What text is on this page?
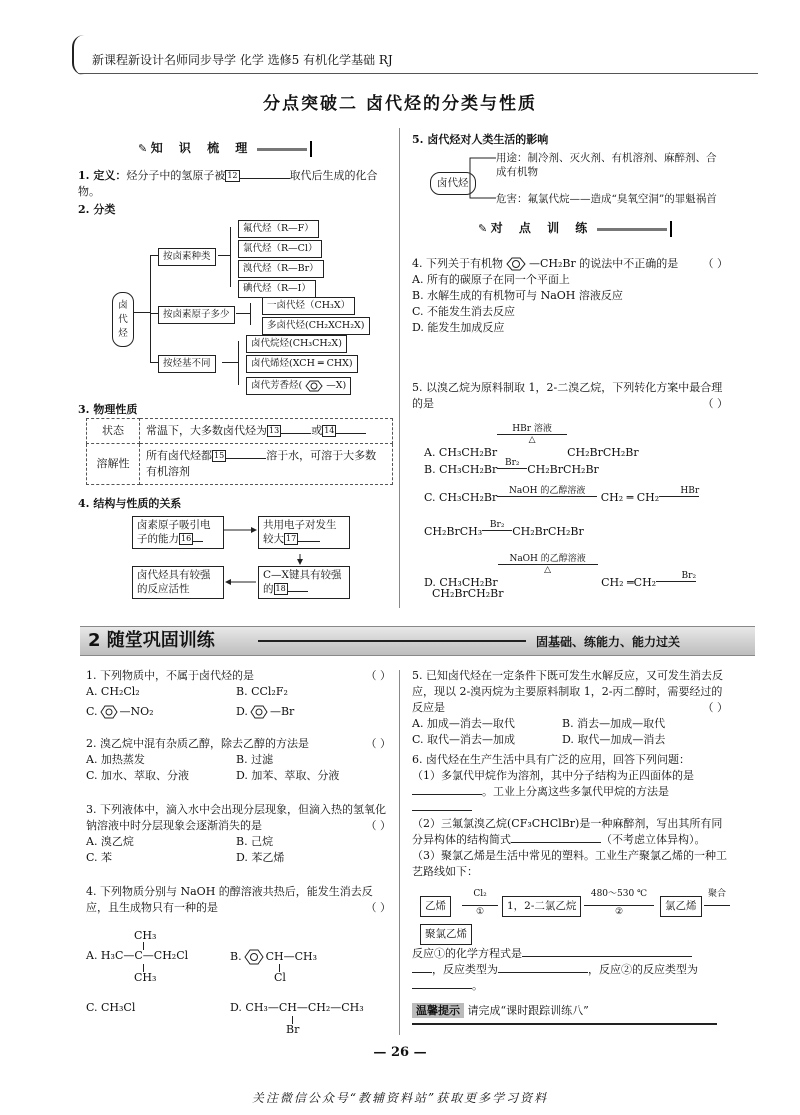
新课程新设计名师同步导学 化学 选修5 有机化学基础 RJ
分点突破二 卤代烃的分类与性质
✎ 知 识 梳 理
1. 定义：烃分子中的氢原子被 12	取代后生成的化合物。
2. 分类
卤代烃
按卤素种类
按卤素原子多少
按烃基不同
氟代烃（R—F）
氯代烃（R—Cl）
溴代烃（R—Br）
碘代烃（R—I）
一卤代烃（CH₃X）
多卤代烃(CH₂XCH₂X)
卤代烷烃(CH₃CH₂X)
卤代烯烃(XCH ═ CHX)
卤代芳香烃(	—X)
3. 物理性质
状态	常温下，大多数卤代烃为 13 或 14
溶解性	所有卤代烃都 15 溶于水，可溶于大多数有机溶剂
4. 结构与性质的关系
卤素原子吸引电
子的能力 16
共用电子对发生
较大 17
卤代烃具有较强
的反应活性
C—X键具有较强
的 18
5. 卤代烃对人类生活的影响
卤代烃
用途：制冷剂、灭火剂、有机溶剂、麻醉剂、合成有机物
危害：氟氯代烷——造成“臭氧空洞”的罪魁祸首
✎ 对 点 训 练

4. 下列关于有机物 —CH₂Br 的说法中不正确的是 （ ）

A. 所有的碳原子在同一个平面上

B. 水解生成的有机物可与 NaOH 溶液反应

C. 不能发生消去反应

D. 能发生加成反应

5. 以溴乙烷为原料制取 1，2-二溴乙烷，下列转化方案中最合理的是	（ ）

A. CH₃CH₂BrHBr 溶液

△CH₂BrCH₂Br
B. CH₃CH₂Br Br₂ CH₂BrCH₂Br
C. CH₃CH₂Br NaOH 的乙醇溶液 CH₂ ═ CH₂ HBr

CH₂BrCH₃ Br₂ CH₂BrCH₂Br
D. CH₃CH₂BrNaOH 的乙醇溶液

△ CH₂ ═CH₂	Br₂

CH₂BrCH₂Br
2 随堂巩固训练	固基础、练能力、能力过关

1. 下列物质中，不属于卤代烃的是	（ ）

A. CH₂Cl₂	B. CCl₂F₂

C. —NO₂	D. —Br

2. 溴乙烷中混有杂质乙醇，除去乙醇的方法是	（ ）

A. 加热蒸发	B. 过滤

C. 加水、萃取、分液	D. 加苯、萃取、分液

3. 下列液体中，滴入水中会出现分层现象，但滴入热的氢氧化钠溶液中时分层现象会逐渐消失的是	（ ）

A. 溴乙烷	B. 己烷

C. 苯	D. 苯乙烯

4. 下列物质分别与 NaOH 的醇溶液共热后，能发生消去反应，且生成物只有一种的是	（ ）

CH₃
A. H₃C—C—CH₂Cl
CH₃
B. CH—CH₃
Cl
C. CH₃Cl	D. CH₃—CH—CH₂—CH₃
Br

5. 已知卤代烃在一定条件下既可发生水解反应，又可发生消去反应，现以 2-溴丙烷为主要原料制取 1，2-丙二醇时，需要经过的反应是	（ ）

A. 加成—消去—取代	B. 消去—加成—取代

C. 取代—消去—加成	D. 取代—加成—消去

6. 卤代烃在生产生活中具有广泛的应用，回答下列问题：

（1）多氯代甲烷作为溶剂，其中分子结构为正四面体的是
。工业上分离这些多氯代甲烷的方法是

（2）三氟氯溴乙烷(CF₃CHClBr)是一种麻醉剂，写出其所有同分异构体的结构简式	（不考虑立体异构）。

（3）聚氯乙烯是生活中常见的塑料。工业生产聚氯乙烯的一种工艺路线如下：

乙烯
Cl₂
①	1，2-二氯乙烷
480～530 ℃
②	氯乙烯
聚合
聚氯乙烯

反应①的化学方程式是

，反应类型为	，反应②的反应类型为

。

温馨提示 请完成“课时跟踪训练八”
— 26 —
关注微信公众号“教辅资料站”获取更多学习资料
